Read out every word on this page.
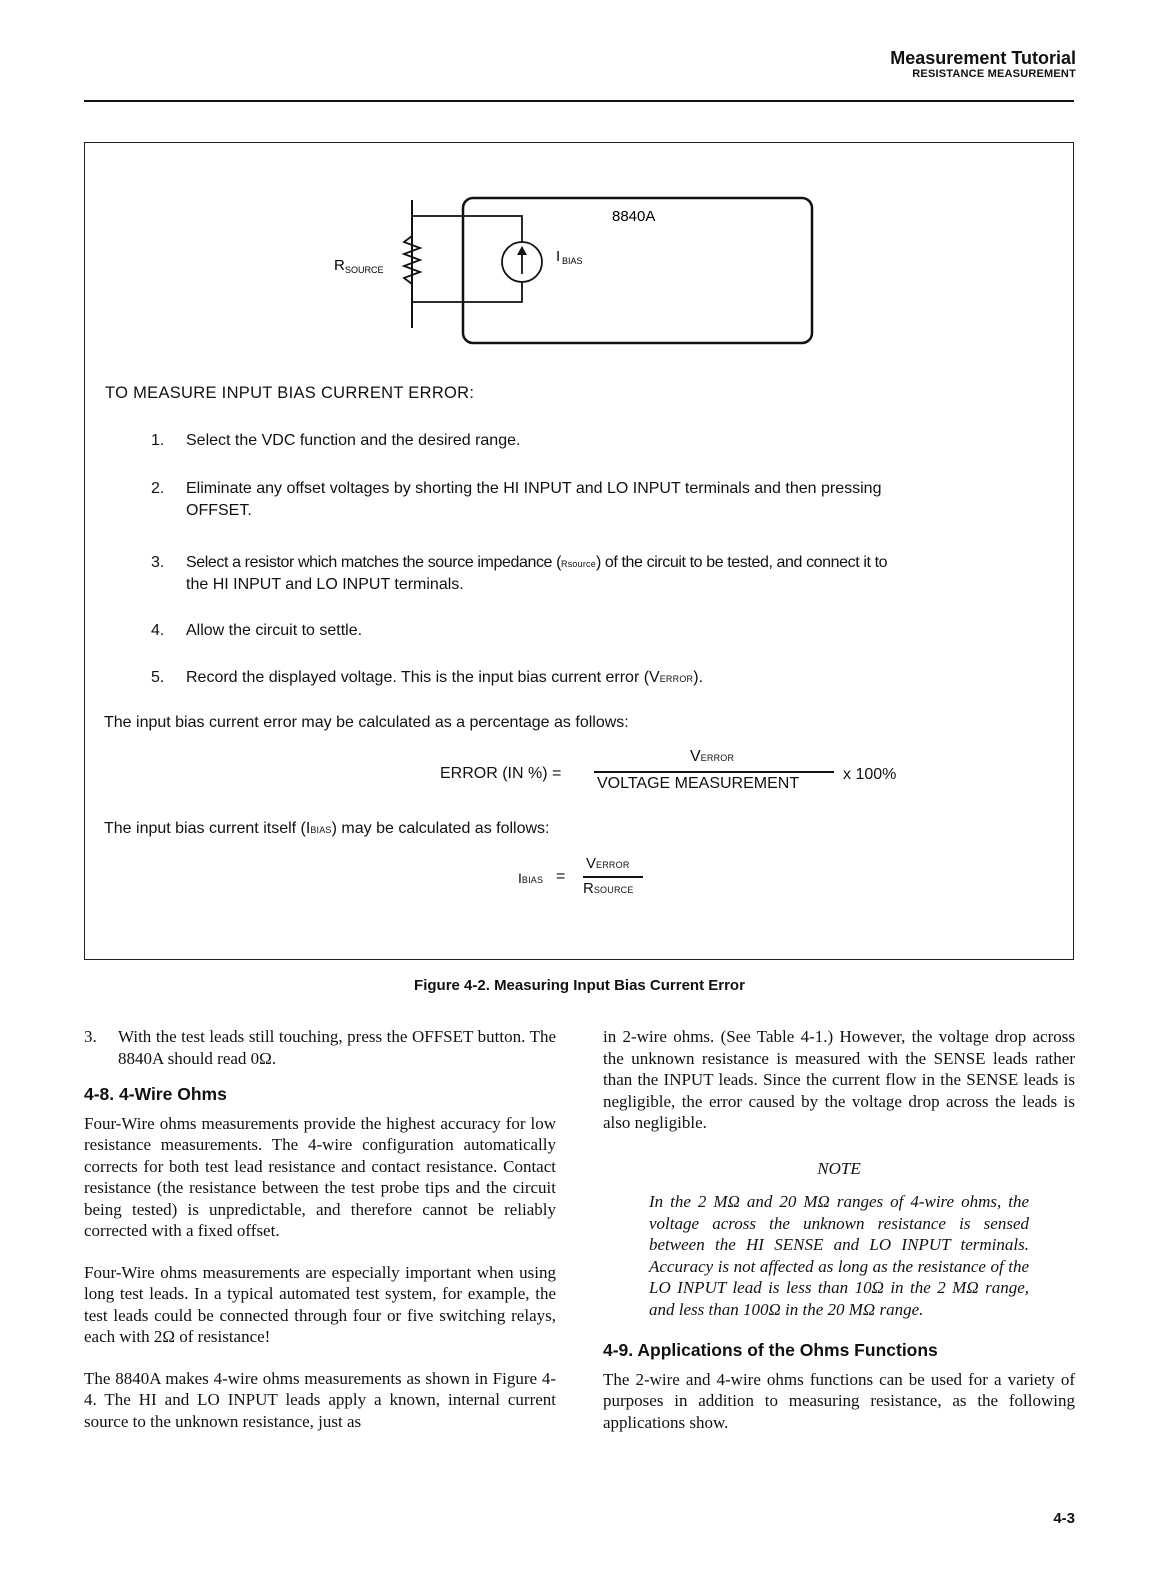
Measurement Tutorial
RESISTANCE MEASUREMENT
8840A
R SOURCE
I BIAS
TO MEASURE INPUT BIAS CURRENT ERROR:
1. Select the VDC function and the desired range.
2. Eliminate any offset voltages by shorting the HI INPUT and LO INPUT terminals and then pressing
OFFSET.
3. Select a resistor which matches the source impedance (Rsource) of the circuit to be tested, and connect it to
the HI INPUT and LO INPUT terminals.
4. Allow the circuit to settle.
5. Record the displayed voltage. This is the input bias current error (VERROR).
The input bias current error may be calculated as a percentage as follows:
ERROR (IN %) =
VERROR
VOLTAGE MEASUREMENT
x 100%
The input bias current itself (IBIAS) may be calculated as follows:
IBIAS =
VERROR
RSOURCE
Figure 4-2. Measuring Input Bias Current Error
3. With the test leads still touching, press the OFFSET button. The 8840A should read 0Ω.

4-8. 4-Wire Ohms

Four-Wire ohms measurements provide the highest accuracy for low resistance measurements. The 4-wire configuration automatically corrects for both test lead resistance and contact resistance. Contact resistance (the resistance between the test probe tips and the circuit being tested) is unpredictable, and therefore cannot be reliably corrected with a fixed offset.

Four-Wire ohms measurements are especially important when using long test leads. In a typical automated test system, for example, the test leads could be connected through four or five switching relays, each with 2Ω of resistance!

The 8840A makes 4-wire ohms measurements as shown in Figure 4-4. The HI and LO INPUT leads apply a known, internal current source to the unknown resistance, just as

in 2-wire ohms. (See Table 4-1.) However, the voltage drop across the unknown resistance is measured with the SENSE leads rather than the INPUT leads. Since the current flow in the SENSE leads is negligible, the error caused by the voltage drop across the leads is also negligible.

NOTE
In the 2 MΩ and 20 MΩ ranges of 4-wire ohms, the voltage across the unknown resistance is sensed between the HI SENSE and LO INPUT terminals. Accuracy is not affected as long as the resistance of the LO INPUT lead is less than 10Ω in the 2 MΩ range, and less than 100Ω in the 20 MΩ range.
4-9. Applications of the Ohms Functions

The 2-wire and 4-wire ohms functions can be used for a variety of purposes in addition to measuring resistance, as the following applications show.

4-3
